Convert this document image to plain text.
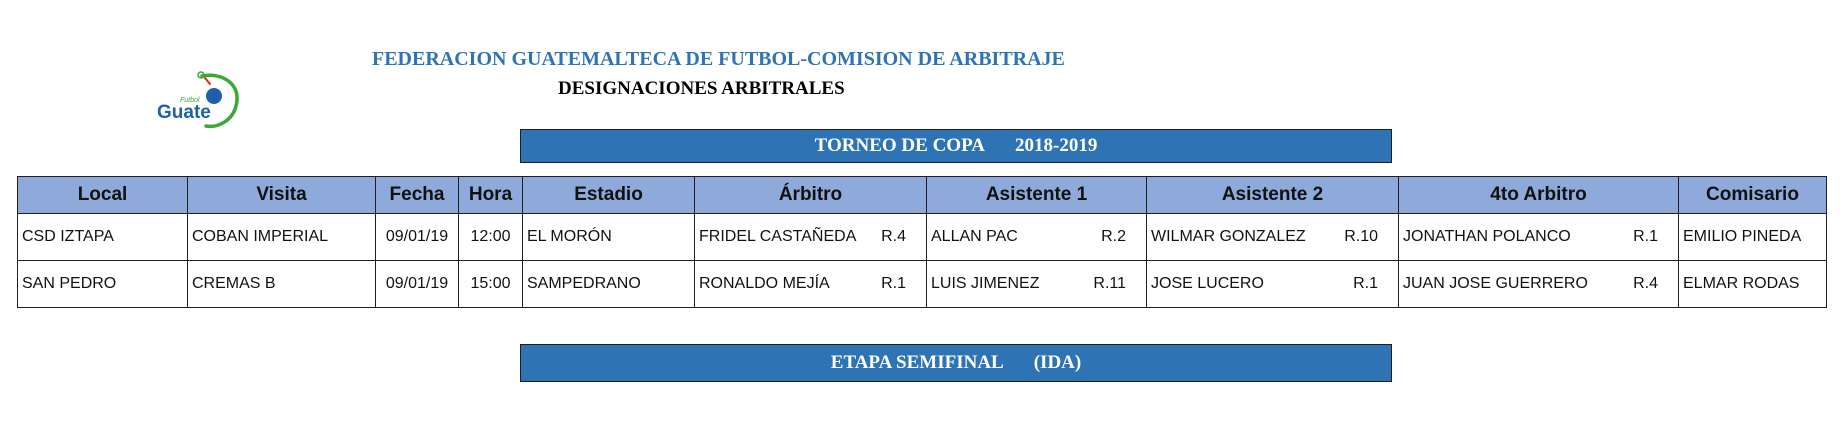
Futbol
Guate
FEDERACION GUATEMALTECA DE FUTBOL-COMISION DE ARBITRAJE
DESIGNACIONES ARBITRALES
TORNEO DE COPA 2018-2019
Local	Visita	Fecha	Hora	Estadio	Árbitro	Asistente 1	Asistente 2	4to Arbitro	Comisario
CSD IZTAPA	COBAN IMPERIAL	09/01/19	12:00	EL MORÓN	FRIDEL CASTAÑEDA R.4	ALLAN PAC R.2	WILMAR GONZALEZ R.10	JONATHAN POLANCO R.1	EMILIO PINEDA
SAN PEDRO	CREMAS B	09/01/19	15:00	SAMPEDRANO	RONALDO MEJÍA R.1	LUIS JIMENEZ R.11	JOSE LUCERO R.1	JUAN JOSE GUERRERO R.4	ELMAR RODAS
ETAPA SEMIFINAL (IDA)
